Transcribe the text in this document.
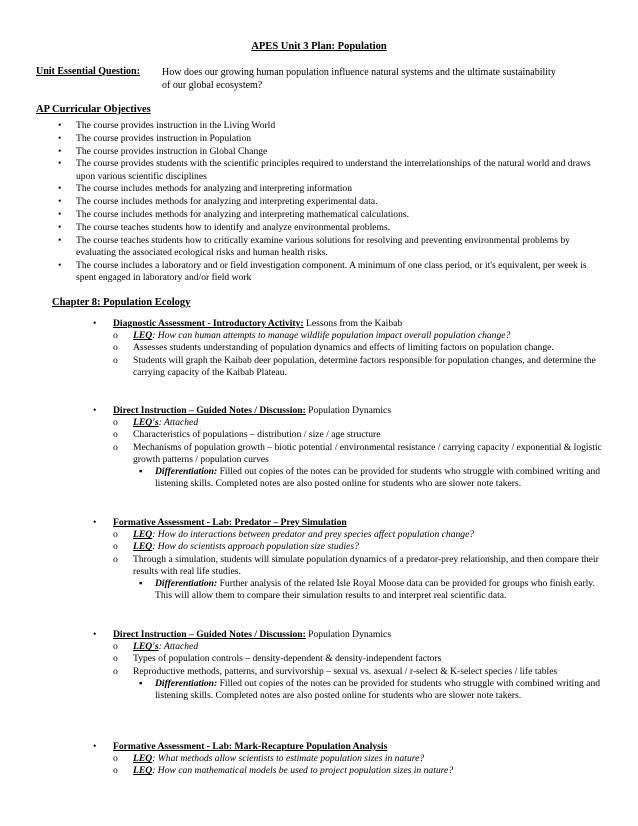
APES Unit 3 Plan: Population
Unit Essential Question: How does our growing human population influence natural systems and the ultimate sustainability of our global ecosystem?
AP Curricular Objectives
• The course provides instruction in the Living World
• The course provides instruction in Population
• The course provides instruction in Global Change
• The course provides students with the scientific principles required to understand the interrelationships of the natural world and draws upon various scientific disciplines
• The course includes methods for analyzing and interpreting information
• The course includes methods for analyzing and interpreting experimental data.
• The course includes methods for analyzing and interpreting mathematical calculations.
• The course teaches students how to identify and analyze environmental problems.
• The course teaches students how to critically examine various solutions for resolving and preventing environmental problems by evaluating the associated ecological risks and human health risks.
• The course includes a laboratory and or field investigation component. A minimum of one class period, or it's equivalent, per week is spent engaged in laboratory and/or field work
Chapter 8: Population Ecology
• Diagnostic Assessment - Introductory Activity: Lessons from the Kaibab
o LEQ: How can human attempts to manage wildlife population impact overall population change?
o Assesses students understanding of population dynamics and effects of limiting factors on population change.
o Students will graph the Kaibab deer population, determine factors responsible for population changes, and determine the carrying capacity of the Kaibab Plateau.
• Direct Instruction – Guided Notes / Discussion: Population Dynamics
o LEQ's: Attached
o Characteristics of populations – distribution / size / age structure
o Mechanisms of population growth – biotic potential / environmental resistance / carrying capacity / exponential & logistic growth patterns / population curves
▪ Differentiation: Filled out copies of the notes can be provided for students who struggle with combined writing and listening skills. Completed notes are also posted online for students who are slower note takers.
• Formative Assessment - Lab: Predator – Prey Simulation
o LEQ: How do interactions between predator and prey species affect population change?
o LEQ: How do scientists approach population size studies?
o Through a simulation, students will simulate population dynamics of a predator-prey relationship, and then compare their results with real life studies.
▪ Differentiation: Further analysis of the related Isle Royal Moose data can be provided for groups who finish early. This will allow them to compare their simulation results to and interpret real scientific data.
• Direct Instruction – Guided Notes / Discussion: Population Dynamics
o LEQ's: Attached
o Types of population controls – density-dependent & density-independent factors
o Reproductive methods, patterns, and survivorship – sexual vs. asexual / r-select & K-select species / life tables
▪ Differentiation: Filled out copies of the notes can be provided for students who struggle with combined writing and listening skills. Completed notes are also posted online for students who are slower note takers.
• Formative Assessment - Lab: Mark-Recapture Population Analysis
o LEQ: What methods allow scientists to estimate population sizes in nature?
o LEQ: How can mathematical models be used to project population sizes in nature?
